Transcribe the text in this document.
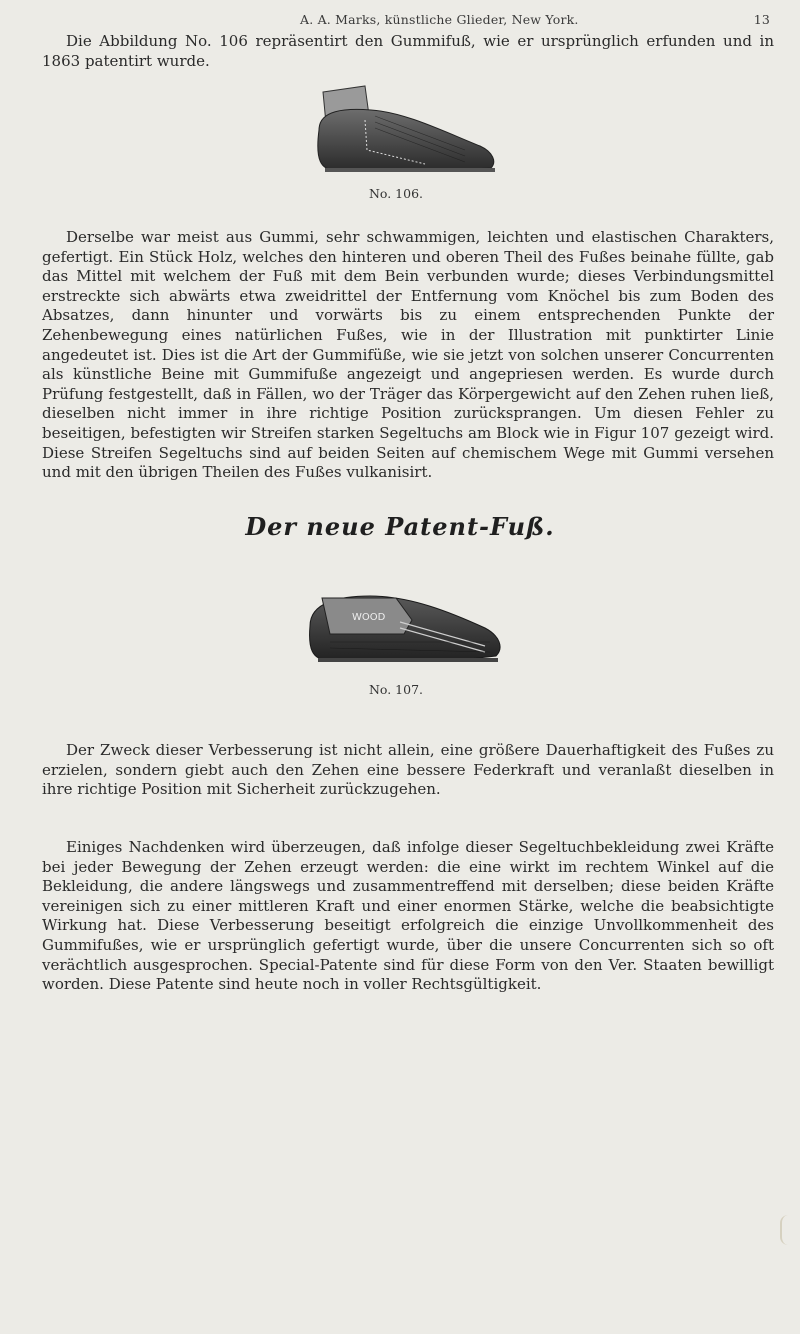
A. A. Marks, künstliche Glieder, New York.	13

Die Abbildung No. 106 repräsentirt den Gummifuß, wie er ursprünglich erfunden und in 1863 patentirt wurde.

No. 106.

Derselbe war meist aus Gummi, sehr schwammigen, leichten und elastischen Charakters, gefertigt. Ein Stück Holz, welches den hinteren und oberen Theil des Fußes beinahe füllte, gab das Mittel mit welchem der Fuß mit dem Bein verbunden wurde; dieses Verbindungsmittel erstreckte sich abwärts etwa zweidrittel der Entfernung vom Knöchel bis zum Boden des Absatzes, dann hinunter und vorwärts bis zu einem entsprechenden Punkte der Zehenbewegung eines natürlichen Fußes, wie in der Illustration mit punktirter Linie angedeutet ist. Dies ist die Art der Gummifüße, wie sie jetzt von solchen unserer Concurrenten als künstliche Beine mit Gummifuße angezeigt und angepriesen werden. Es wurde durch Prüfung festgestellt, daß in Fällen, wo der Träger das Körpergewicht auf den Zehen ruhen ließ, dieselben nicht immer in ihre richtige Position zurücksprangen. Um diesen Fehler zu beseitigen, befestigten wir Streifen starken Segeltuchs am Block wie in Figur 107 gezeigt wird. Diese Streifen Segeltuchs sind auf beiden Seiten auf chemischem Wege mit Gummi versehen und mit den übrigen Theilen des Fußes vulkanisirt.

Der neue Patent-Fuß.
WOOD
No. 107.

Der Zweck dieser Verbesserung ist nicht allein, eine größere Dauerhaftigkeit des Fußes zu erzielen, sondern giebt auch den Zehen eine bessere Federkraft und veranlaßt dieselben in ihre richtige Position mit Sicherheit zurückzugehen.

Einiges Nachdenken wird überzeugen, daß infolge dieser Segeltuchbekleidung zwei Kräfte bei jeder Bewegung der Zehen erzeugt werden: die eine wirkt im rechtem Winkel auf die Bekleidung, die andere längswegs und zusammentreffend mit derselben; diese beiden Kräfte vereinigen sich zu einer mittleren Kraft und einer enormen Stärke, welche die beabsichtigte Wirkung hat. Diese Verbesserung beseitigt erfolgreich die einzige Unvollkommenheit des Gummifußes, wie er ursprünglich gefertigt wurde, über die unsere Concurrenten sich so oft verächtlich ausgesprochen. Special-Patente sind für diese Form von den Ver. Staaten bewilligt worden. Diese Patente sind heute noch in voller Rechtsgültigkeit.
